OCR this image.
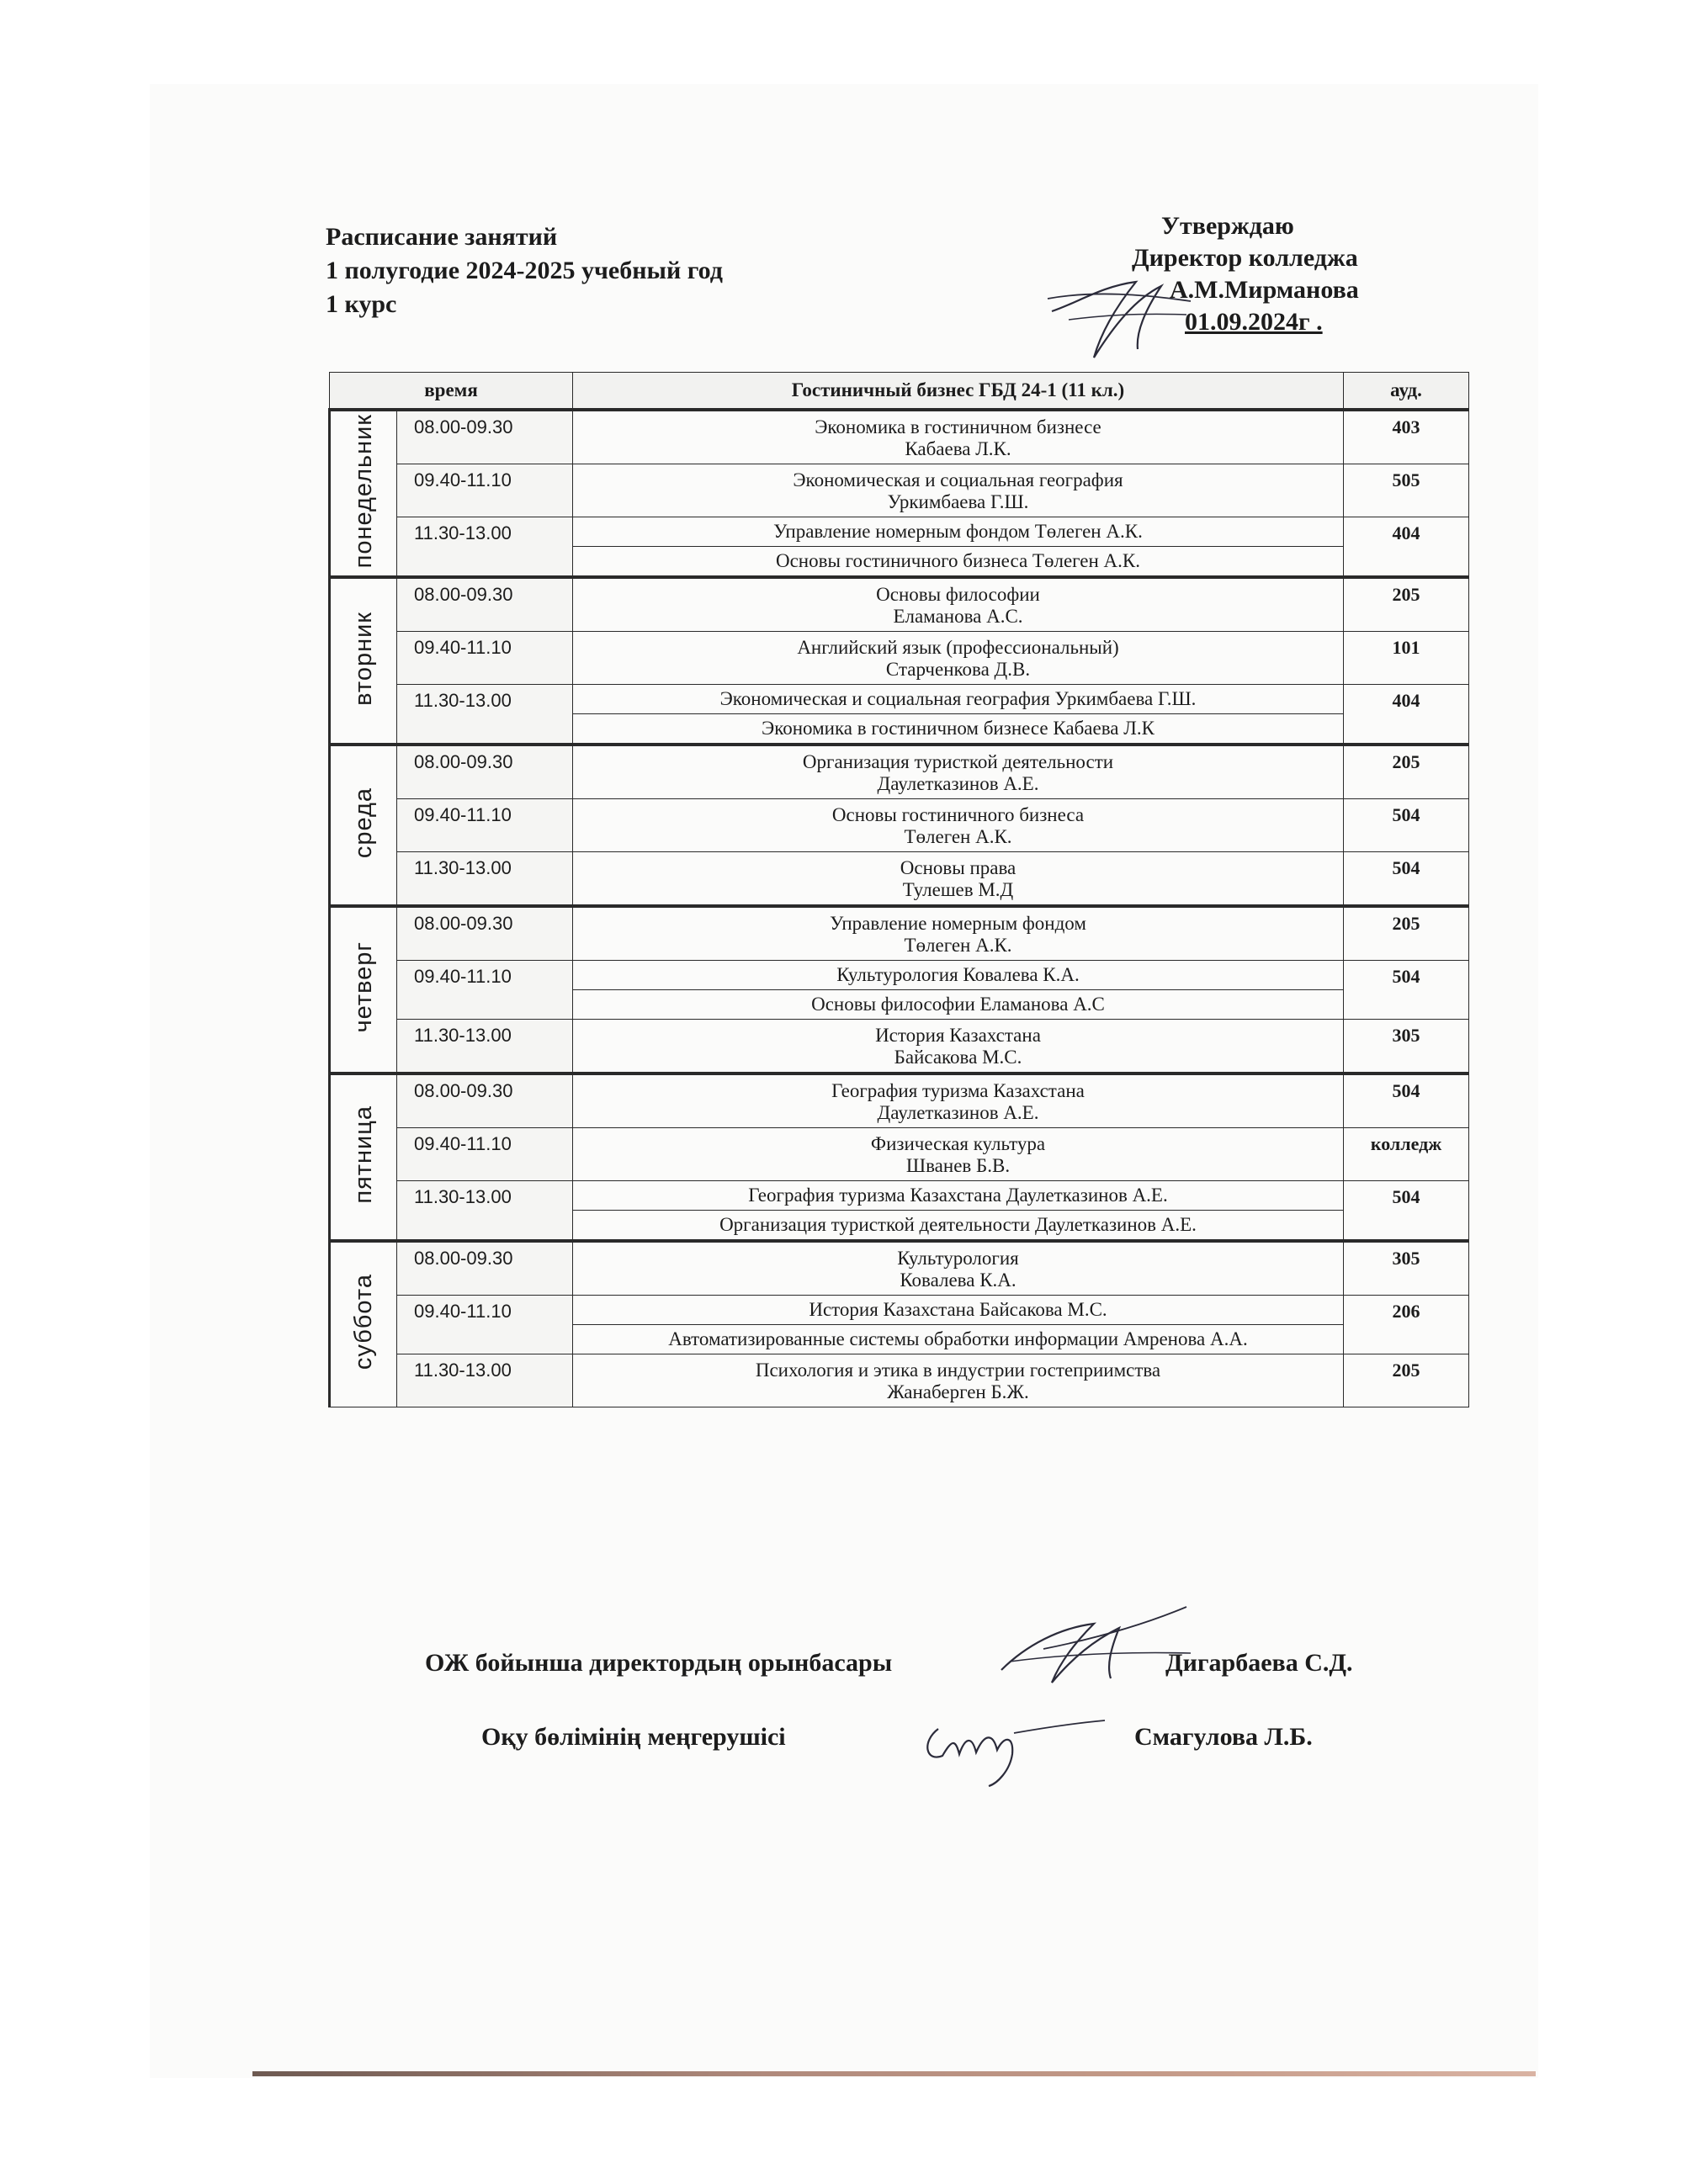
Расписание занятий
1 полугодие 2024-2025 учебный год
1 курс
Утверждаю
Директор колледжа
А.М.Мирманова
01.09.2024г .
время		Гостиничный бизнес ГБД 24-1 (11 кл.)	ауд.
понедельник	08.00-09.30	Экономика в гостиничном бизнесе
Кабаева Л.К.	403
	09.40-11.10	Экономическая и социальная география
Уркимбаева Г.Ш.	505
	11.30-13.00	Управление номерным фондом Төлеген А.К.	404
		Основы гостиничного бизнеса Төлеген А.К.	
вторник	08.00-09.30	Основы философии
Еламанова А.С.	205
	09.40-11.10	Английский язык (профессиональный)
Старченкова Д.В.	101
	11.30-13.00	Экономическая и социальная география Уркимбаева Г.Ш.	404
		Экономика в гостиничном бизнесе Кабаева Л.К	
среда	08.00-09.30	Организация туристкой деятельности
Даулетказинов А.Е.	205
	09.40-11.10	Основы гостиничного бизнеса
Төлеген А.К.	504
	11.30-13.00	Основы права
Тулешев М.Д	504
четверг	08.00-09.30	Управление номерным фондом
Төлеген А.К.	205
	09.40-11.10	Культурология Ковалева К.А.	504
		Основы философии Еламанова А.С	
	11.30-13.00	История Казахстана
Байсакова М.С.	305
пятница	08.00-09.30	География туризма Казахстана
Даулетказинов А.Е.	504
	09.40-11.10	Физическая культура
Шванев Б.В.	колледж
	11.30-13.00	География туризма Казахстана Даулетказинов А.Е.	504
		Организация туристкой деятельности Даулетказинов А.Е.	
суббота	08.00-09.30	Культурология
Ковалева К.А.	305
	09.40-11.10	История Казахстана Байсакова М.С.	206
		Автоматизированные системы обработки информации Амренова А.А.	
	11.30-13.00	Психология и этика в индустрии гостеприимства
Жанаберген Б.Ж.	205
ОЖ бойынша директордың орынбасары	Дигарбаева С.Д.
Оқу бөлімінің меңгерушісі	Смагулова Л.Б.
